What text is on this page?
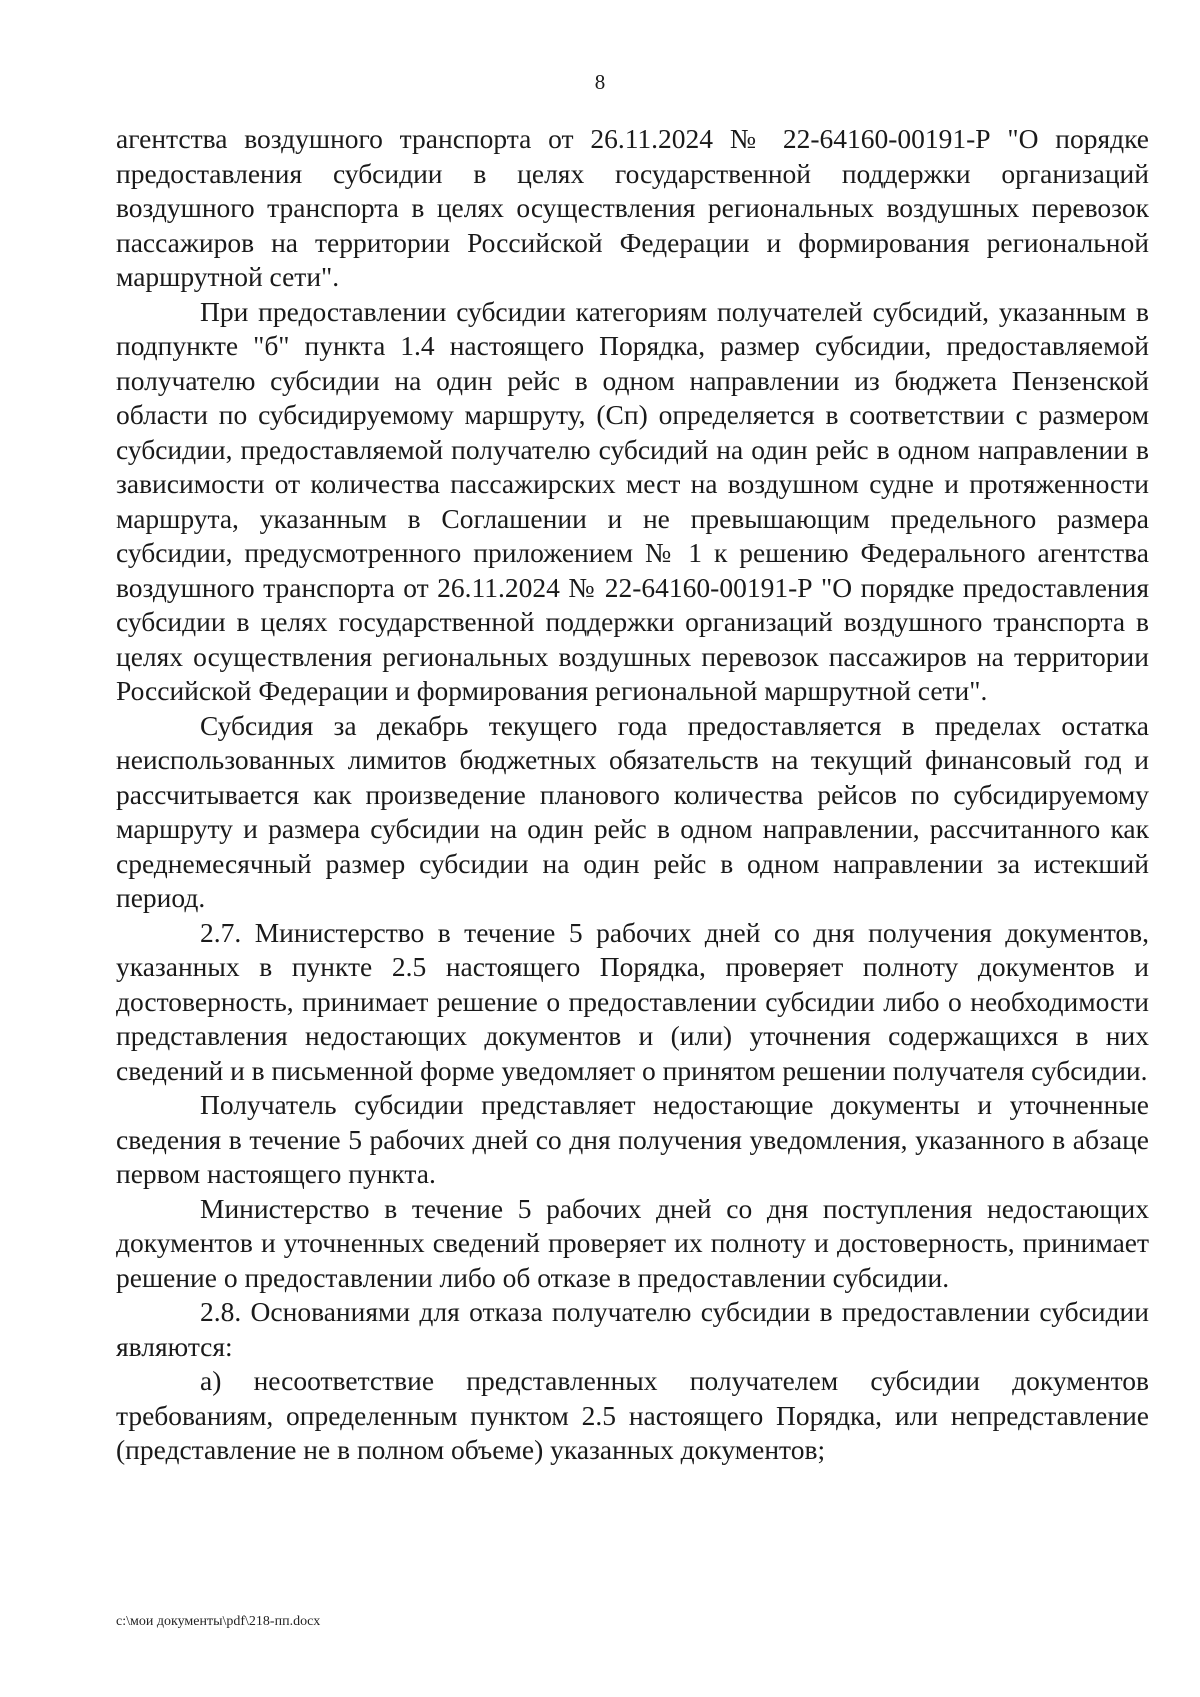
8

агентства воздушного транспорта от 26.11.2024 № 22-64160-00191-Р "О порядке предоставления субсидии в целях государственной поддержки организаций воздушного транспорта в целях осуществления региональных воздушных перевозок пассажиров на территории Российской Федерации и формирования региональной маршрутной сети".

При предоставлении субсидии категориям получателей субсидий, указанным в подпункте "б" пункта 1.4 настоящего Порядка, размер субсидии, предоставляемой получателю субсидии на один рейс в одном направлении из бюджета Пензенской области по субсидируемому маршруту, (Сп) определяется в соответствии с размером субсидии, предоставляемой получателю субсидий на один рейс в одном направлении в зависимости от количества пассажирских мест на воздушном судне и протяженности маршрута, указанным в Соглашении и не превышающим предельного размера субсидии, предусмотренного приложением № 1 к решению Федерального агентства воздушного транспорта от 26.11.2024 № 22-64160-00191-Р "О порядке предоставления субсидии в целях государственной поддержки организаций воздушного транспорта в целях осуществления региональных воздушных перевозок пассажиров на территории Российской Федерации и формирования региональной маршрутной сети".

Субсидия за декабрь текущего года предоставляется в пределах остатка неиспользованных лимитов бюджетных обязательств на текущий финансовый год и рассчитывается как произведение планового количества рейсов по субсидируемому маршруту и размера субсидии на один рейс в одном направлении, рассчитанного как среднемесячный размер субсидии на один рейс в одном направлении за истекший период.

2.7. Министерство в течение 5 рабочих дней со дня получения документов, указанных в пункте 2.5 настоящего Порядка, проверяет полноту документов и достоверность, принимает решение о предоставлении субсидии либо о необходимости представления недостающих документов и (или) уточнения содержащихся в них сведений и в письменной форме уведомляет о принятом решении получателя субсидии.

Получатель субсидии представляет недостающие документы и уточненные сведения в течение 5 рабочих дней со дня получения уведомления, указанного в абзаце первом настоящего пункта.

Министерство в течение 5 рабочих дней со дня поступления недостающих документов и уточненных сведений проверяет их полноту и достоверность, принимает решение о предоставлении либо об отказе в предоставлении субсидии.

2.8. Основаниями для отказа получателю субсидии в предоставлении субсидии являются:

а) несоответствие представленных получателем субсидии документов требованиям, определенным пунктом 2.5 настоящего Порядка, или непредставление (представление не в полном объеме) указанных документов;

c:\мои документы\pdf\218-пп.docx
